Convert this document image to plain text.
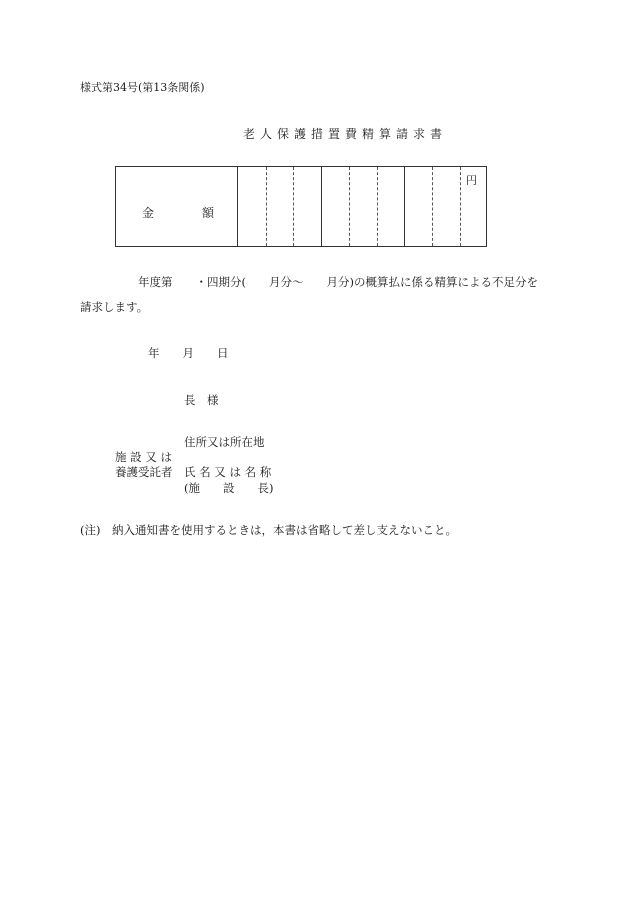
様式第34号(第13条関係)
老人保護措置費精算請求書
金	額
円
年度第　　・四期分(　　月分〜　　月分)の概算払に係る精算による不足分を
請求します。
年　　月　　日
長　様
住所又は所在地
施 設 又 は
養護受託者 氏 名 又 は 名 称
(施　　設　　長)
(注)　納入通知書を使用するときは，本書は省略して差し支えないこと。
